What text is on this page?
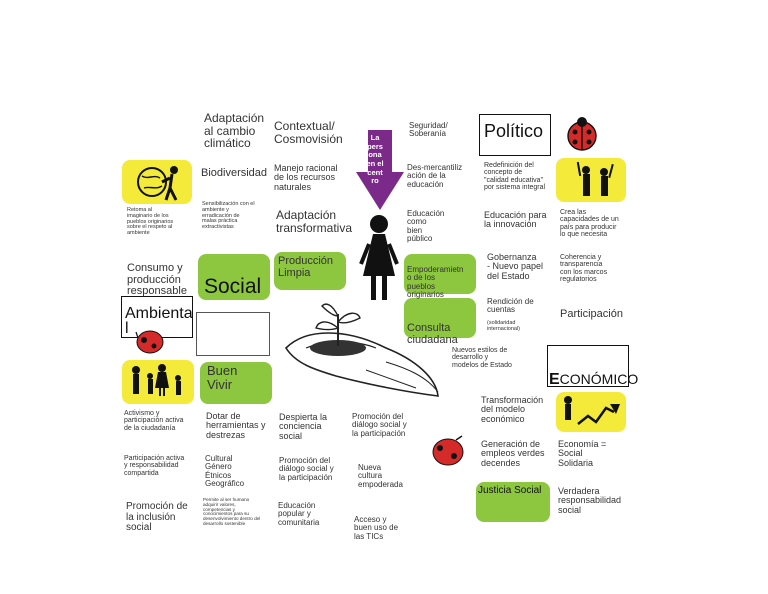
Político

ECONÓMICO

Ambienta
l
Social
La
pers
ona
en el
cent
ro
Adaptación
al cambio
climático
Biodiversidad
Sensibilización con el
ambiente y
erradicación de
malas práctica
extractivistas
Retoma al
imaginario de los
pueblos originarios
sobre el respeto al
ambiente
Consumo y
producción
responsable
Buen
Vivir
Activismo y
participación activa
de la ciudadanía
Participación activa
y responsabilidad
compartida
Promoción de
la inclusión
social
Dotar de
herramientas y
destrezas
Cultural
Género
Étnicos
Geográfico
Permite al ser humano
adquirir valores,
competencias y
conocimientos para su
desenvolvimiento dentro del
desarrollo sostenible
Contextual/
Cosmovisión
Manejo racional
de los recursos
naturales
Adaptación
transformativa
Producción
Limpia
Despierta la
conciencia
social
Promoción del
diálogo social y
la participación
Educación
popular y
comunitaria
Seguridad/
Soberanía
Des-mercantiliz
ación de la
educación
Educación
como
bien
público
Empoderamietn
o de los
pueblos
originarios
Consulta
ciudadana
Nuevos estilos de
desarrollo y
modelos de Estado
Promoción del
diálogo social y
la participación
Nueva
cultura
empoderada
Acceso y
buen uso de
las TICs
Redefinición del
concepto de
"calidad educativa"
por sistema integral
Educación para
la innovación
Gobernanza
- Nuevo papel
del Estado
Rendición de
cuentas
(solidaridad
internacional)
Transformación
del modelo
económico
Generación de
empleos verdes
decendes
Justicia Social
Crea las
capacidades de un
país para producir
lo que necesita
Coherencia y
transparencia
con los marcos
regulatorios
Participación
Economía =
Social
Solidaria
Verdadera
responsabilidad
social
